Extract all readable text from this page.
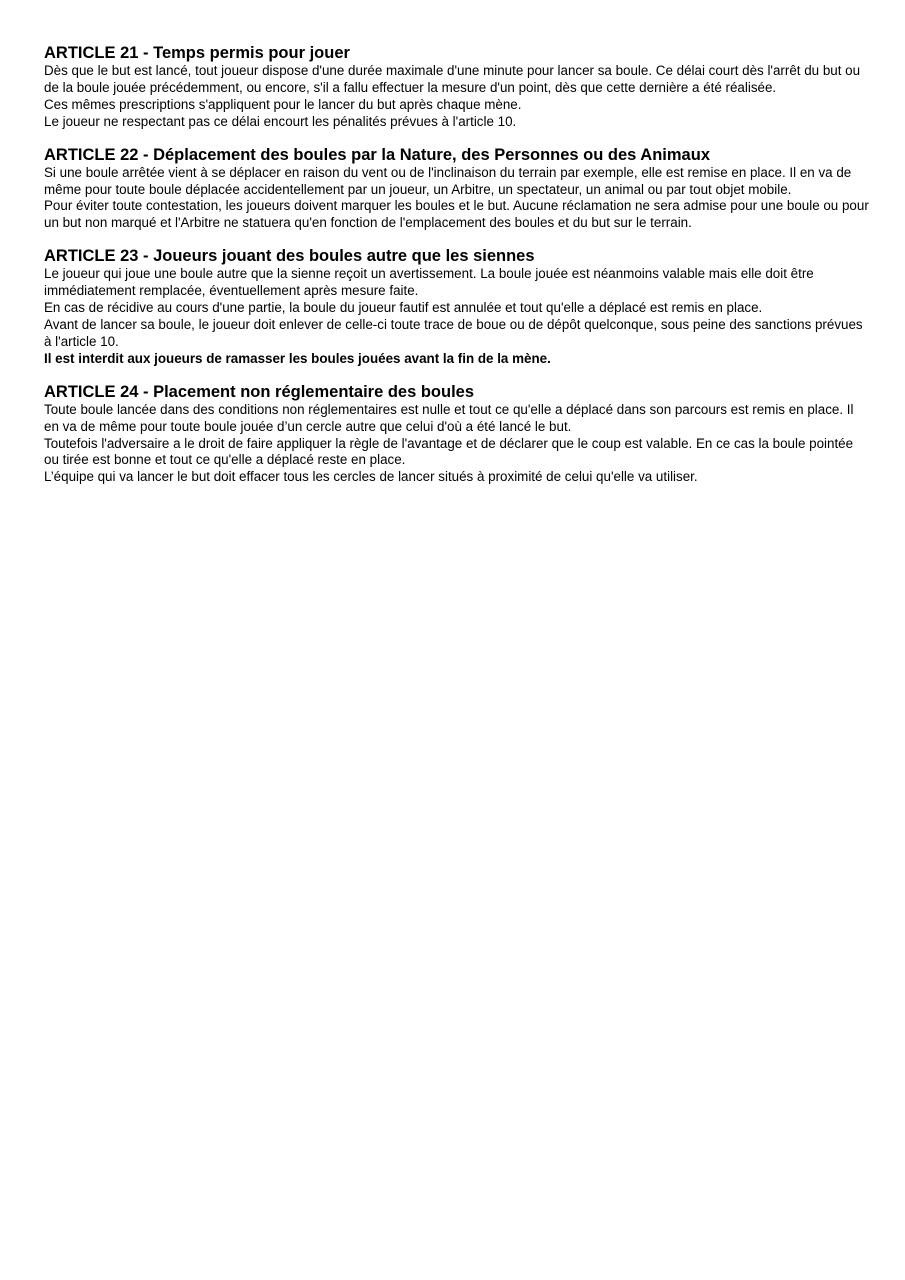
ARTICLE 21 - Temps permis pour jouer

Dès que le but est lancé, tout joueur dispose d'une durée maximale d'une minute pour lancer sa boule. Ce délai court dès l'arrêt du but ou de la boule jouée précédemment, ou encore, s'il a fallu effectuer la mesure d'un point, dès que cette dernière a été réalisée.

Ces mêmes prescriptions s'appliquent pour le lancer du but après chaque mène.

Le joueur ne respectant pas ce délai encourt les pénalités prévues à l'article 10.

ARTICLE 22 - Déplacement des boules par la Nature, des Personnes ou des Animaux

Si une boule arrêtée vient à se déplacer en raison du vent ou de l'inclinaison du terrain par exemple, elle est remise en place. Il en va de même pour toute boule déplacée accidentellement par un joueur, un Arbitre, un spectateur, un animal ou par tout objet mobile.

Pour éviter toute contestation, les joueurs doivent marquer les boules et le but. Aucune réclamation ne sera admise pour une boule ou pour un but non marqué et l'Arbitre ne statuera qu'en fonction de l'emplacement des boules et du but sur le terrain.

ARTICLE 23 - Joueurs jouant des boules autre que les siennes

Le joueur qui joue une boule autre que la sienne reçoit un avertissement. La boule jouée est néanmoins valable mais elle doit être immédiatement remplacée, éventuellement après mesure faite.

En cas de récidive au cours d'une partie, la boule du joueur fautif est annulée et tout qu'elle a déplacé est remis en place.

Avant de lancer sa boule, le joueur doit enlever de celle-ci toute trace de boue ou de dépôt quelconque, sous peine des sanctions prévues à l'article 10.

Il est interdit aux joueurs de ramasser les boules jouées avant la fin de la mène.

ARTICLE 24 - Placement non réglementaire des boules

Toute boule lancée dans des conditions non réglementaires est nulle et tout ce qu'elle a déplacé dans son parcours est remis en place. Il en va de même pour toute boule jouée d’un cercle autre que celui d'où a été lancé le but.

Toutefois l'adversaire a le droit de faire appliquer la règle de l'avantage et de déclarer que le coup est valable. En ce cas la boule pointée ou tirée est bonne et tout ce qu'elle a déplacé reste en place.

L’équipe qui va lancer le but doit effacer tous les cercles de lancer situés à proximité de celui qu'elle va utiliser.
